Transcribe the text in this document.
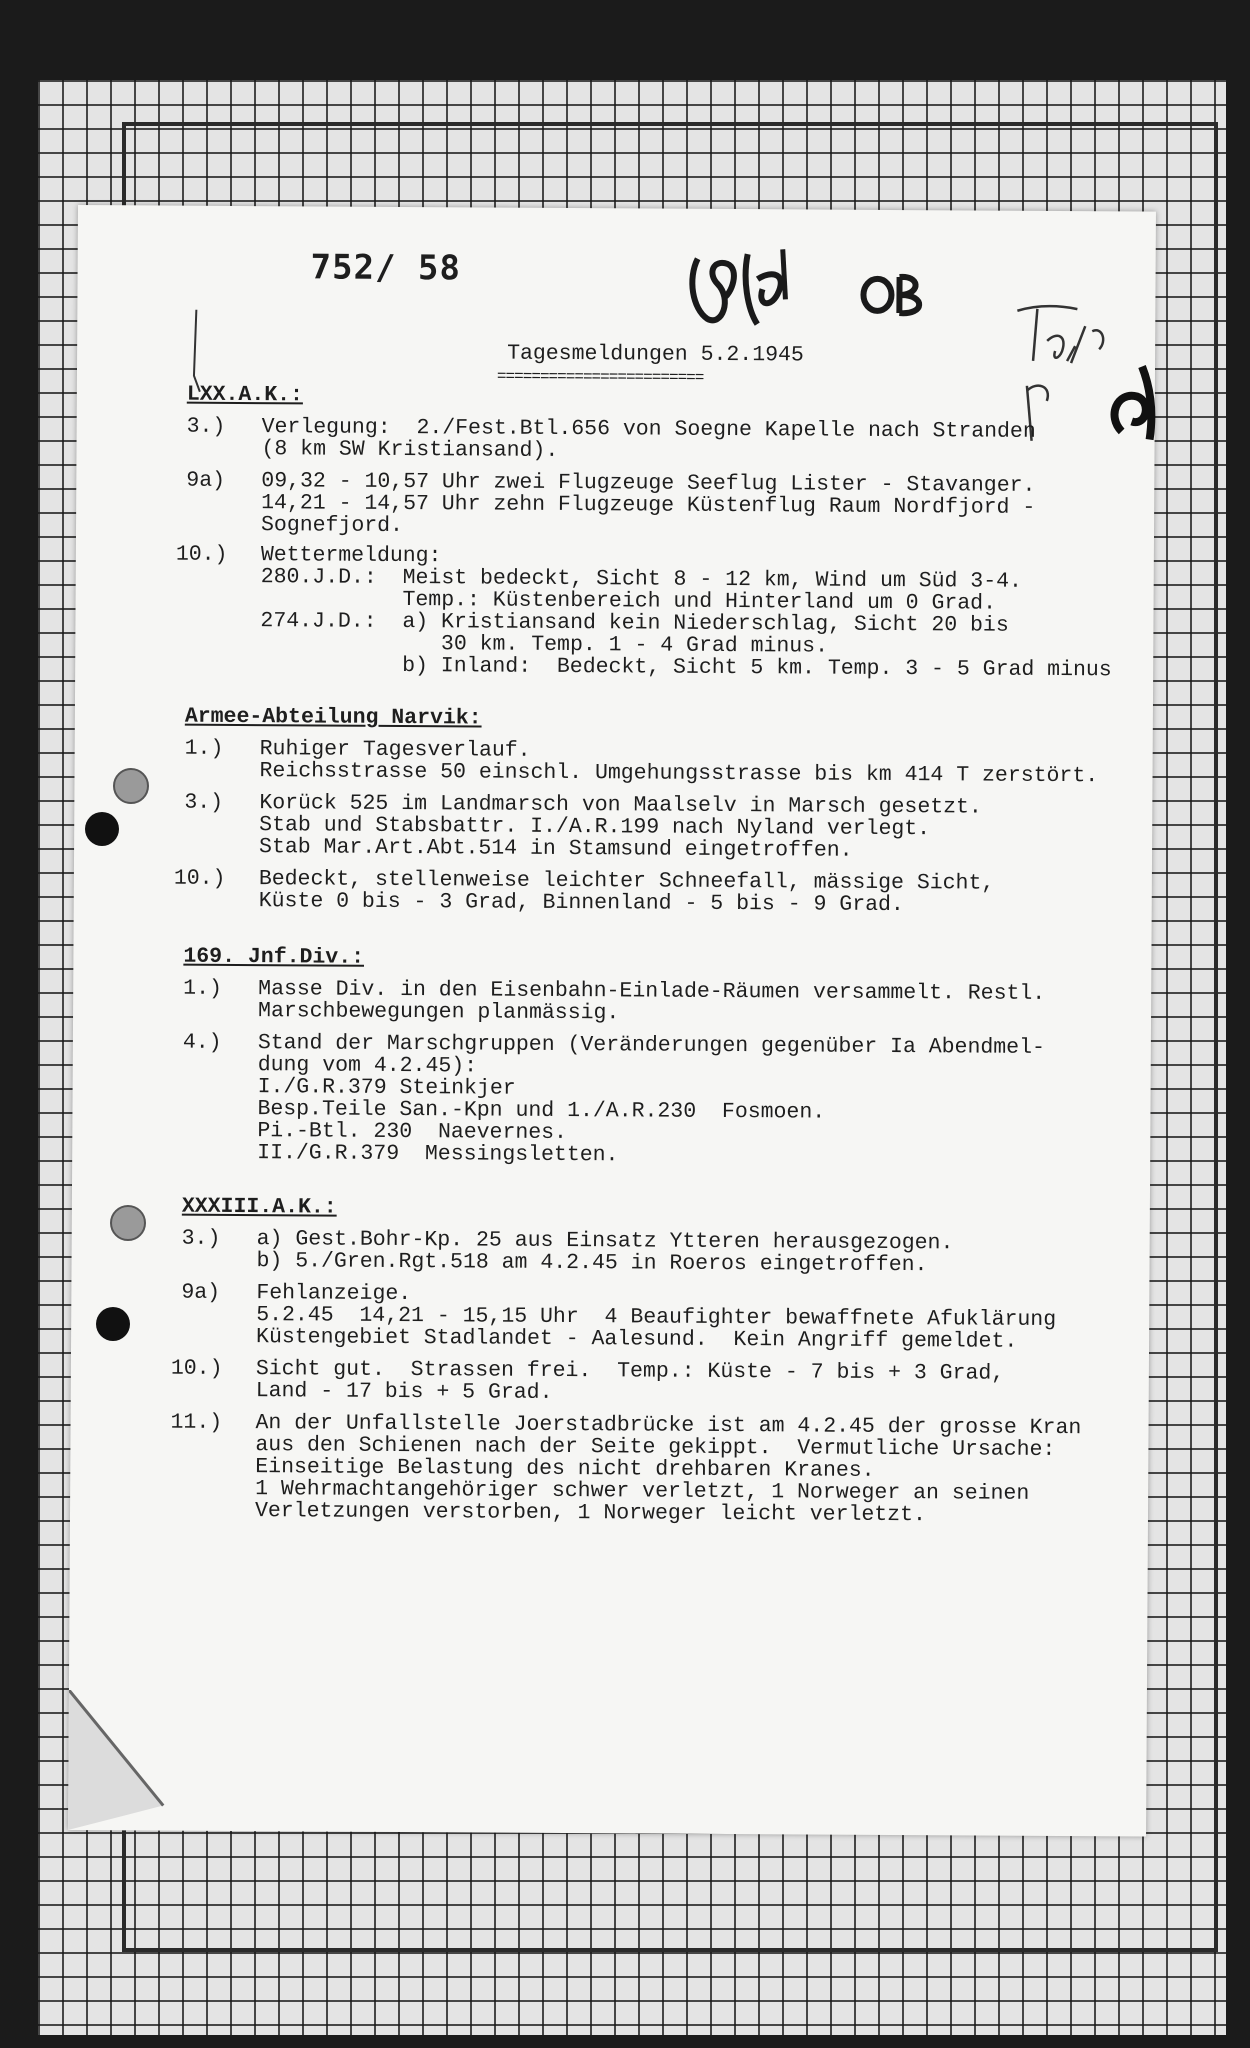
752/ 58
Tagesmeldungen 5.2.1945
========================
LXX.A.K.:
3.) Verlegung:  2./Fest.Btl.656 von Soegne Kapelle nach Stranden
(8 km SW Kristiansand).
9a) 09,32 - 10,57 Uhr zwei Flugzeuge Seeflug Lister - Stavanger.
14,21 - 14,57 Uhr zehn Flugzeuge Küstenflug Raum Nordfjord -
Sognefjord.
10.) Wettermeldung:
280.J.D.:  Meist bedeckt, Sicht 8 - 12 km, Wind um Süd 3-4.
Temp.: Küstenbereich und Hinterland um 0 Grad.
274.J.D.:  a) Kristiansand kein Niederschlag, Sicht 20 bis
30 km. Temp. 1 - 4 Grad minus.
b) Inland:  Bedeckt, Sicht 5 km. Temp. 3 - 5 Grad minus
Armee-Abteilung Narvik:
1.) Ruhiger Tagesverlauf.
Reichsstrasse 50 einschl. Umgehungsstrasse bis km 414 T zerstört.
3.) Korück 525 im Landmarsch von Maalselv in Marsch gesetzt.
Stab und Stabsbattr. I./A.R.199 nach Nyland verlegt.
Stab Mar.Art.Abt.514 in Stamsund eingetroffen.
10.) Bedeckt, stellenweise leichter Schneefall, mässige Sicht,
Küste 0 bis - 3 Grad, Binnenland - 5 bis - 9 Grad.
169. Jnf.Div.:
1.) Masse Div. in den Eisenbahn-Einlade-Räumen versammelt. Restl.
Marschbewegungen planmässig.
4.) Stand der Marschgruppen (Veränderungen gegenüber Ia Abendmel-
dung vom 4.2.45):
I./G.R.379 Steinkjer
Besp.Teile San.-Kpn und 1./A.R.230  Fosmoen.
Pi.-Btl. 230  Naevernes.
II./G.R.379  Messingsletten.
XXXIII.A.K.:
3.) a) Gest.Bohr-Kp. 25 aus Einsatz Ytteren herausgezogen.
b) 5./Gren.Rgt.518 am 4.2.45 in Roeros eingetroffen.
9a) Fehlanzeige.
5.2.45  14,21 - 15,15 Uhr  4 Beaufighter bewaffnete Afuklärung
Küstengebiet Stadlandet - Aalesund.  Kein Angriff gemeldet.
10.) Sicht gut.  Strassen frei.  Temp.: Küste - 7 bis + 3 Grad,
Land - 17 bis + 5 Grad.
11.) An der Unfallstelle Joerstadbrücke ist am 4.2.45 der grosse Kran
aus den Schienen nach der Seite gekippt.  Vermutliche Ursache:
Einseitige Belastung des nicht drehbaren Kranes.
1 Wehrmachtangehöriger schwer verletzt, 1 Norweger an seinen
Verletzungen verstorben, 1 Norweger leicht verletzt.
